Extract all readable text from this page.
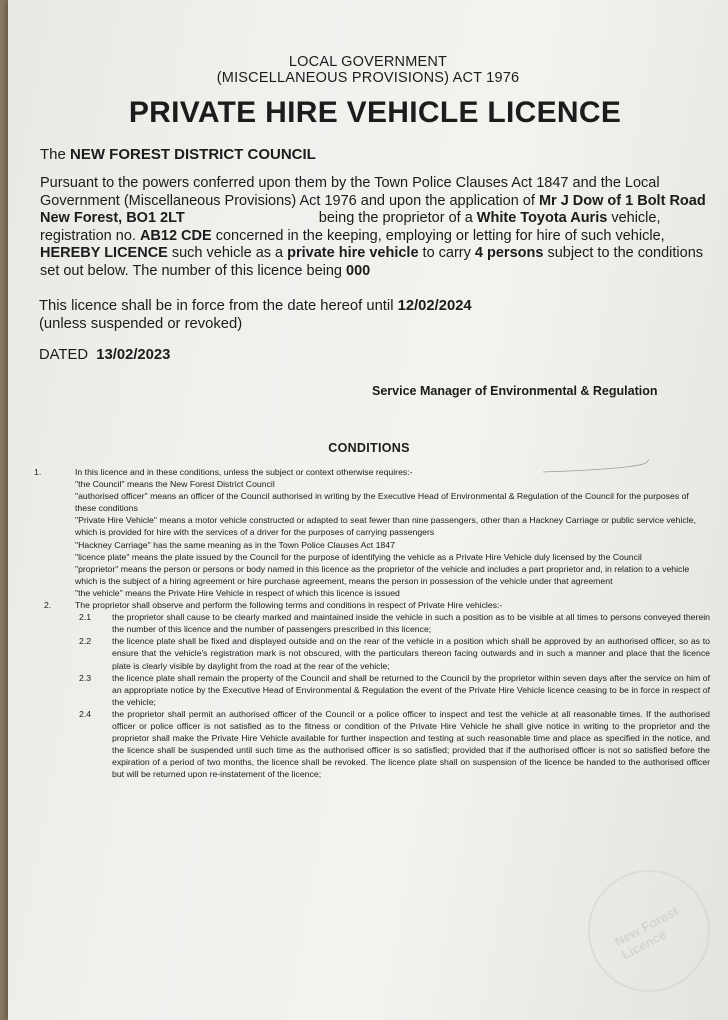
LOCAL GOVERNMENT
(MISCELLANEOUS PROVISIONS) ACT 1976
PRIVATE HIRE VEHICLE LICENCE
The NEW FOREST DISTRICT COUNCIL
Pursuant to the powers conferred upon them by the Town Police Clauses Act 1847 and the Local Government (Miscellaneous Provisions) Act 1976 and upon the application of Mr J Dow of 1 Bolt Road New Forest, BO1 2LT	being the proprietor of a White Toyota Auris vehicle, registration no. AB12 CDE concerned in the keeping, employing or letting for hire of such vehicle, HEREBY LICENCE such vehicle as a private hire vehicle to carry 4 persons subject to the conditions set out below. The number of this licence being 000
This licence shall be in force from the date hereof until 12/02/2024
(unless suspended or revoked)
DATED 13/02/2023
Service Manager of Environmental & Regulation
CONDITIONS
1.	In this licence and in these conditions, unless the subject or context otherwise requires:-
"the Council" means the New Forest District Council
"authorised officer" means an officer of the Council authorised in writing by the Executive Head of Environmental & Regulation of the Council for the purposes of these conditions
"Private Hire Vehicle" means a motor vehicle constructed or adapted to seat fewer than nine passengers, other than a Hackney Carriage or public service vehicle, which is provided for hire with the services of a driver for the purposes of carrying passengers
"Hackney Carriage" has the same meaning as in the Town Police Clauses Act 1847
"licence plate" means the plate issued by the Council for the purpose of identifying the vehicle as a Private Hire Vehicle duly licensed by the Council
"proprietor" means the person or persons or body named in this licence as the proprietor of the vehicle and includes a part proprietor and, in relation to a vehicle which is the subject of a hiring agreement or hire purchase agreement, means the person in possession of the vehicle under that agreement
"the vehicle" means the Private Hire Vehicle in respect of which this licence is issued
2.	The proprietor shall observe and perform the following terms and conditions in respect of Private Hire vehicles:-
2.1 the proprietor shall cause to be clearly marked and maintained inside the vehicle in such a position as to be visible at all times to persons conveyed therein the number of this licence and the number of passengers prescribed in this licence;
2.2 the licence plate shall be fixed and displayed outside and on the rear of the vehicle in a position which shall be approved by an authorised officer, so as to ensure that the vehicle's registration mark is not obscured, with the particulars thereon facing outwards and in such a manner and place that the licence plate is clearly visible by daylight from the road at the rear of the vehicle;
2.3 the licence plate shall remain the property of the Council and shall be returned to the Council by the proprietor within seven days after the service on him of an appropriate notice by the Executive Head of Environmental & Regulation the event of the Private Hire Vehicle licence ceasing to be in force in respect of the vehicle;
2.4 the proprietor shall permit an authorised officer of the Council or a police officer to inspect and test the vehicle at all reasonable times. If the authorised officer or police officer is not satisfied as to the fitness or condition of the Private Hire Vehicle he shall give notice in writing to the proprietor and the proprietor shall make the Private Hire Vehicle available for further inspection and testing at such reasonable time and place as specified in the notice, and the licence shall be suspended until such time as the authorised officer is so satisfied; provided that if the authorised officer is not so satisfied before the expiration of a period of two months, the licence shall be revoked. The licence plate shall on suspension of the licence be handed to the authorised officer but will be returned upon re-instatement of the licence;
New Forest Licence
